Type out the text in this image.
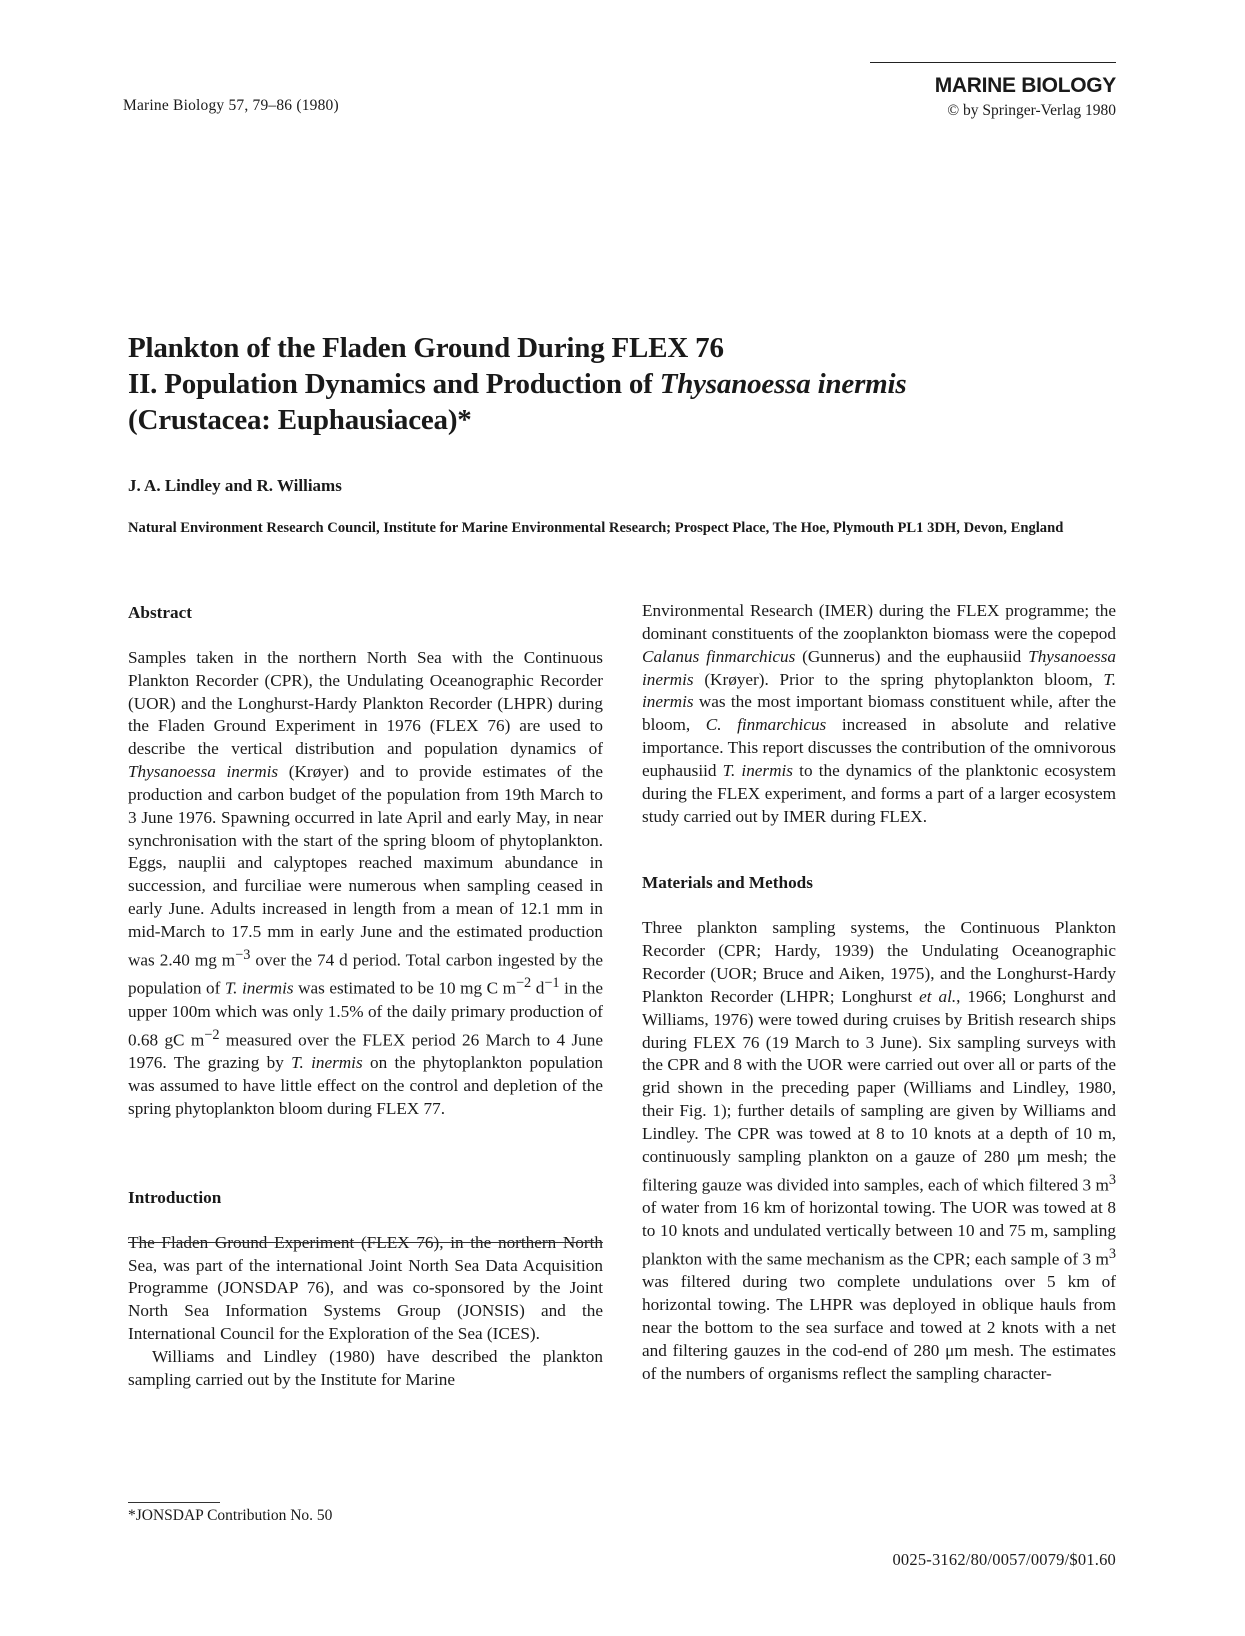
Marine Biology 57, 79–86 (1980)
MARINE BIOLOGY
© by Springer-Verlag 1980
Plankton of the Fladen Ground During FLEX 76
II. Population Dynamics and Production of Thysanoessa inermis
(Crustacea: Euphausiacea)*
J. A. Lindley and R. Williams
Natural Environment Research Council, Institute for Marine Environmental Research; Prospect Place, The Hoe, Plymouth PL1 3DH, Devon, England
Abstract

Samples taken in the northern North Sea with the Continuous Plankton Recorder (CPR), the Undulating Oceanographic Recorder (UOR) and the Longhurst-Hardy Plankton Recorder (LHPR) during the Fladen Ground Experiment in 1976 (FLEX 76) are used to describe the vertical distribution and population dynamics of Thysanoessa inermis (Krøyer) and to provide estimates of the production and carbon budget of the population from 19th March to 3 June 1976. Spawning occurred in late April and early May, in near synchronisation with the start of the spring bloom of phytoplankton. Eggs, nauplii and calyptopes reached maximum abundance in succession, and furciliae were numerous when sampling ceased in early June. Adults increased in length from a mean of 12.1 mm in mid-March to 17.5 mm in early June and the estimated production was 2.40 mg $m^{-3}$ over the 74 d period. Total carbon ingested by the population of T. inermis was estimated to be 10 mg C $m^{-2}$ $d^{-1}$ in the upper 100m which was only 1.5% of the daily primary production of 0.68 gC $m^{-2}$ measured over the FLEX period 26 March to 4 June 1976. The grazing by T. inermis on the phytoplankton population was assumed to have little effect on the control and depletion of the spring phytoplankton bloom during FLEX 77.

Introduction

The Fladen Ground Experiment (FLEX 76), in the northern North Sea, was part of the international Joint North Sea Data Acquisition Programme (JONSDAP 76), and was co-sponsored by the Joint North Sea Information Systems Group (JONSIS) and the International Council for the Exploration of the Sea (ICES).

Williams and Lindley (1980) have described the plankton sampling carried out by the Institute for Marine

Environmental Research (IMER) during the FLEX programme; the dominant constituents of the zooplankton biomass were the copepod Calanus finmarchicus (Gunnerus) and the euphausiid Thysanoessa inermis (Krøyer). Prior to the spring phytoplankton bloom, T. inermis was the most important biomass constituent while, after the bloom, C. finmarchicus increased in absolute and relative importance. This report discusses the contribution of the omnivorous euphausiid T. inermis to the dynamics of the planktonic ecosystem during the FLEX experiment, and forms a part of a larger ecosystem study carried out by IMER during FLEX.

Materials and Methods

Three plankton sampling systems, the Continuous Plankton Recorder (CPR; Hardy, 1939) the Undulating Oceanographic Recorder (UOR; Bruce and Aiken, 1975), and the Longhurst-Hardy Plankton Recorder (LHPR; Longhurst et al., 1966; Longhurst and Williams, 1976) were towed during cruises by British research ships during FLEX 76 (19 March to 3 June). Six sampling surveys with the CPR and 8 with the UOR were carried out over all or parts of the grid shown in the preceding paper (Williams and Lindley, 1980, their Fig. 1); further details of sampling are given by Williams and Lindley. The CPR was towed at 8 to 10 knots at a depth of 10 m, continuously sampling plankton on a gauze of 280 μm mesh; the filtering gauze was divided into samples, each of which filtered 3 $m^3$ of water from 16 km of horizontal towing. The UOR was towed at 8 to 10 knots and undulated vertically between 10 and 75 m, sampling plankton with the same mechanism as the CPR; each sample of 3 $m^3$ was filtered during two complete undulations over 5 km of horizontal towing. The LHPR was deployed in oblique hauls from near the bottom to the sea surface and towed at 2 knots with a net and filtering gauzes in the cod-end of 280 μm mesh. The estimates of the numbers of organisms reflect the sampling character-

*JONSDAP Contribution No. 50
0025-3162/80/0057/0079/$01.60
